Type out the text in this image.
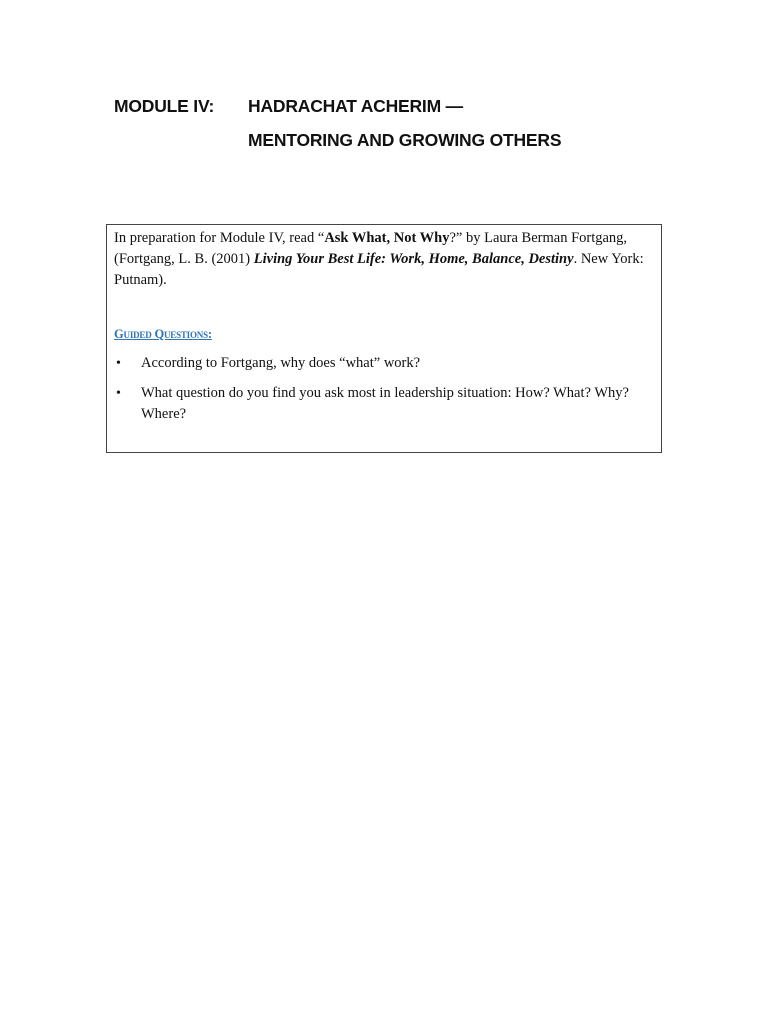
MODULE IV: HADRACHAT ACHERIM —
MENTORING AND GROWING OTHERS
In preparation for Module IV, read “Ask What, Not Why?” by Laura Berman Fortgang, (Fortgang, L. B. (2001) Living Your Best Life: Work, Home, Balance, Destiny. New York: Putnam).
Guided Questions:
• According to Fortgang, why does “what” work?
• What question do you find you ask most in leadership situation: How? What? Why? Where?
